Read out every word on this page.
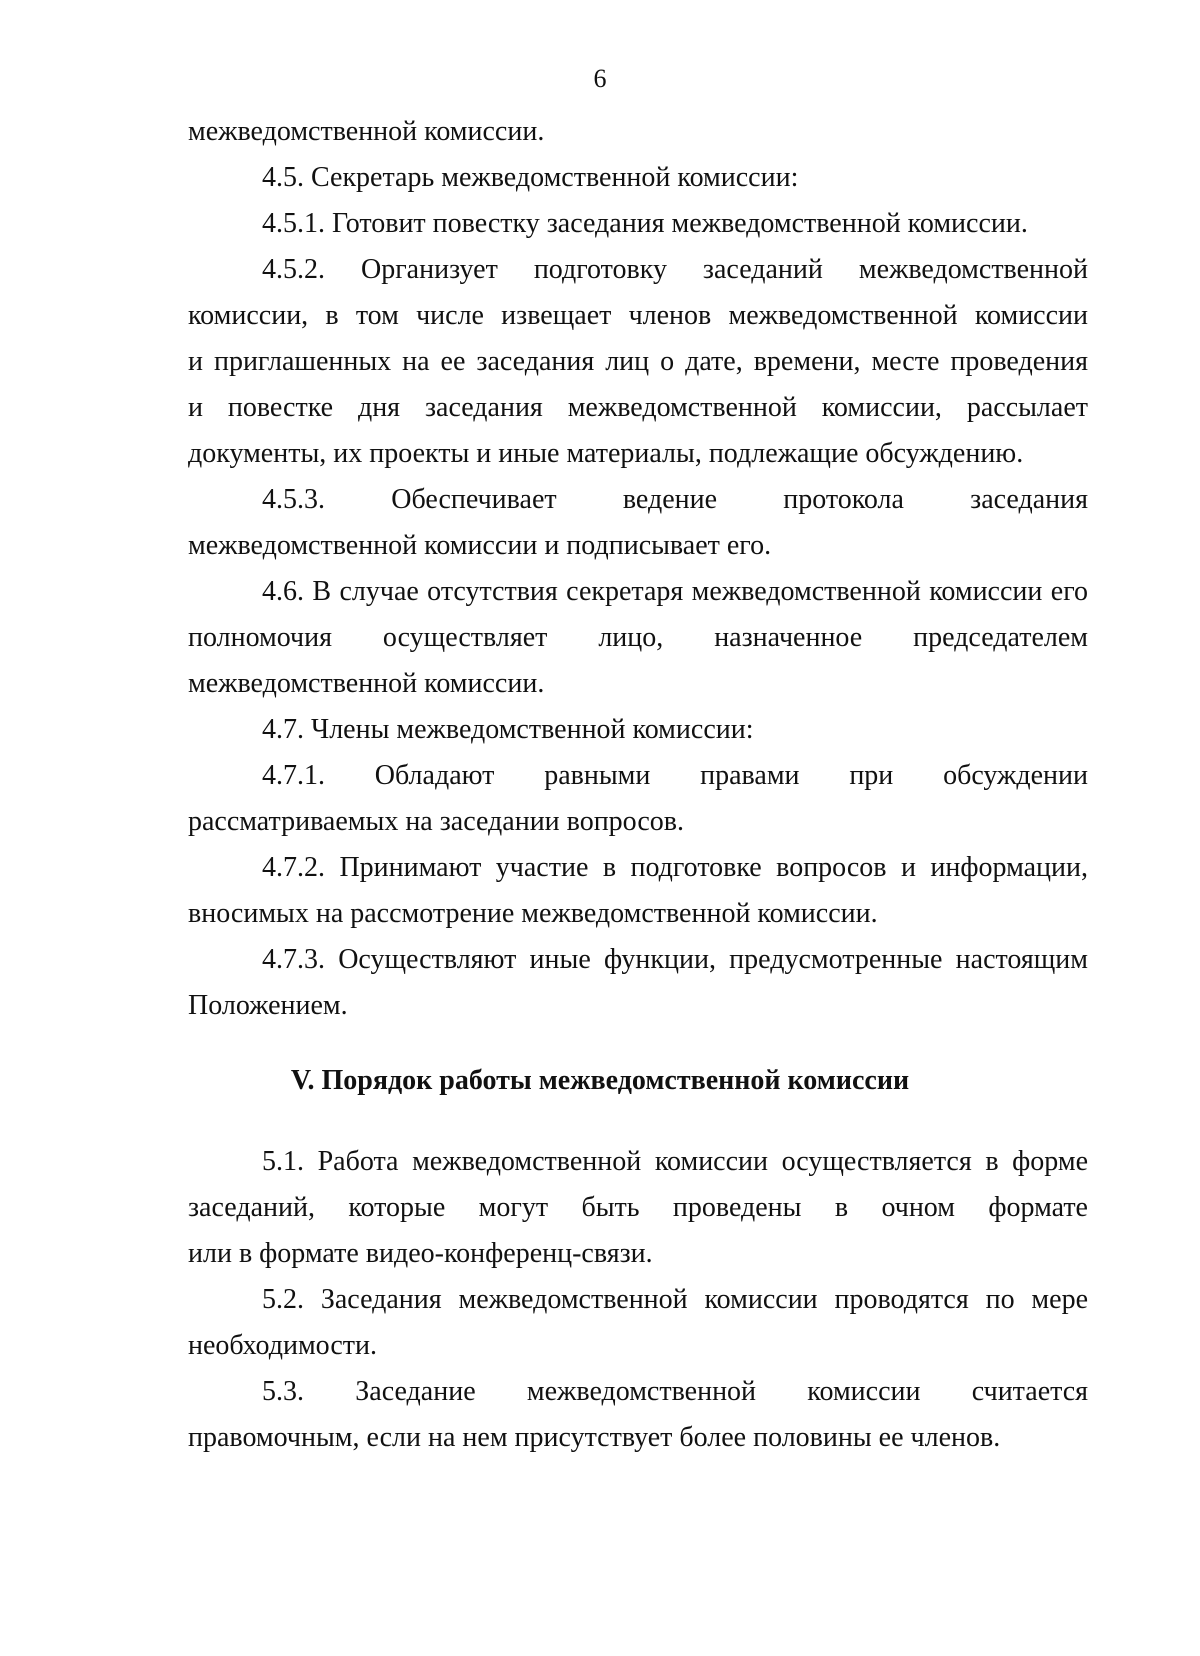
6
межведомственной комиссии.
4.5. Секретарь межведомственной комиссии:
4.5.1. Готовит повестку заседания межведомственной комиссии.
4.5.2. Организует подготовку заседаний межведомственной
комиссии, в том числе извещает членов межведомственной комиссии
и приглашенных на ее заседания лиц о дате, времени, месте проведения
и повестке дня заседания межведомственной комиссии, рассылает
документы, их проекты и иные материалы, подлежащие обсуждению.
4.5.3. Обеспечивает ведение протокола заседания
межведомственной комиссии и подписывает его.
4.6. В случае отсутствия секретаря межведомственной комиссии его
полномочия осуществляет лицо, назначенное председателем
межведомственной комиссии.
4.7. Члены межведомственной комиссии:
4.7.1. Обладают равными правами при обсуждении
рассматриваемых на заседании вопросов.
4.7.2. Принимают участие в подготовке вопросов и информации,
вносимых на рассмотрение межведомственной комиссии.
4.7.3. Осуществляют иные функции, предусмотренные настоящим
Положением.
V. Порядок работы межведомственной комиссии
5.1. Работа межведомственной комиссии осуществляется в форме
заседаний, которые могут быть проведены в очном формате
или в формате видео-конференц-связи.
5.2. Заседания межведомственной комиссии проводятся по мере
необходимости.
5.3. Заседание межведомственной комиссии считается
правомочным, если на нем присутствует более половины ее членов.
